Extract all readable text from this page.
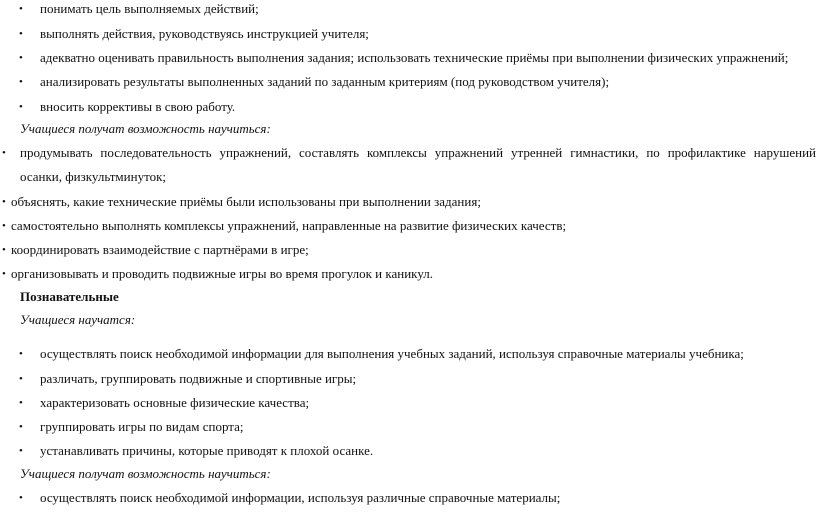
• понимать цель выполняемых действий;
• выполнять действия, руководствуясь инструкцией учителя;
• адекватно оценивать правильность выполнения задания; использовать технические приёмы при выполнении физических упражнений;
• анализировать результаты выполненных заданий по заданным критериям (под руководством учителя);
• вносить коррективы в свою работу.
Учащиеся получат возможность научиться:
• продумывать последовательность упражнений, составлять комплексы упражнений утренней гимнастики, по профилактике нарушений
осанки, физкультминуток;
• объяснять, какие технические приёмы были использованы при выполнении задания;
• самостоятельно выполнять комплексы упражнений, направленные на развитие физических качеств;
• координировать взаимодействие с партнёрами в игре;
• организовывать и проводить подвижные игры во время прогулок и каникул.
Познавательные
Учащиеся научатся:
• осуществлять поиск необходимой информации для выполнения учебных заданий, используя справочные материалы учебника;
• различать, группировать подвижные и спортивные игры;
• характеризовать основные физические качества;
• группировать игры по видам спорта;
• устанавливать причины, которые приводят к плохой осанке.
Учащиеся получат возможность научиться:
• осуществлять поиск необходимой информации, используя различные справочные материалы;
